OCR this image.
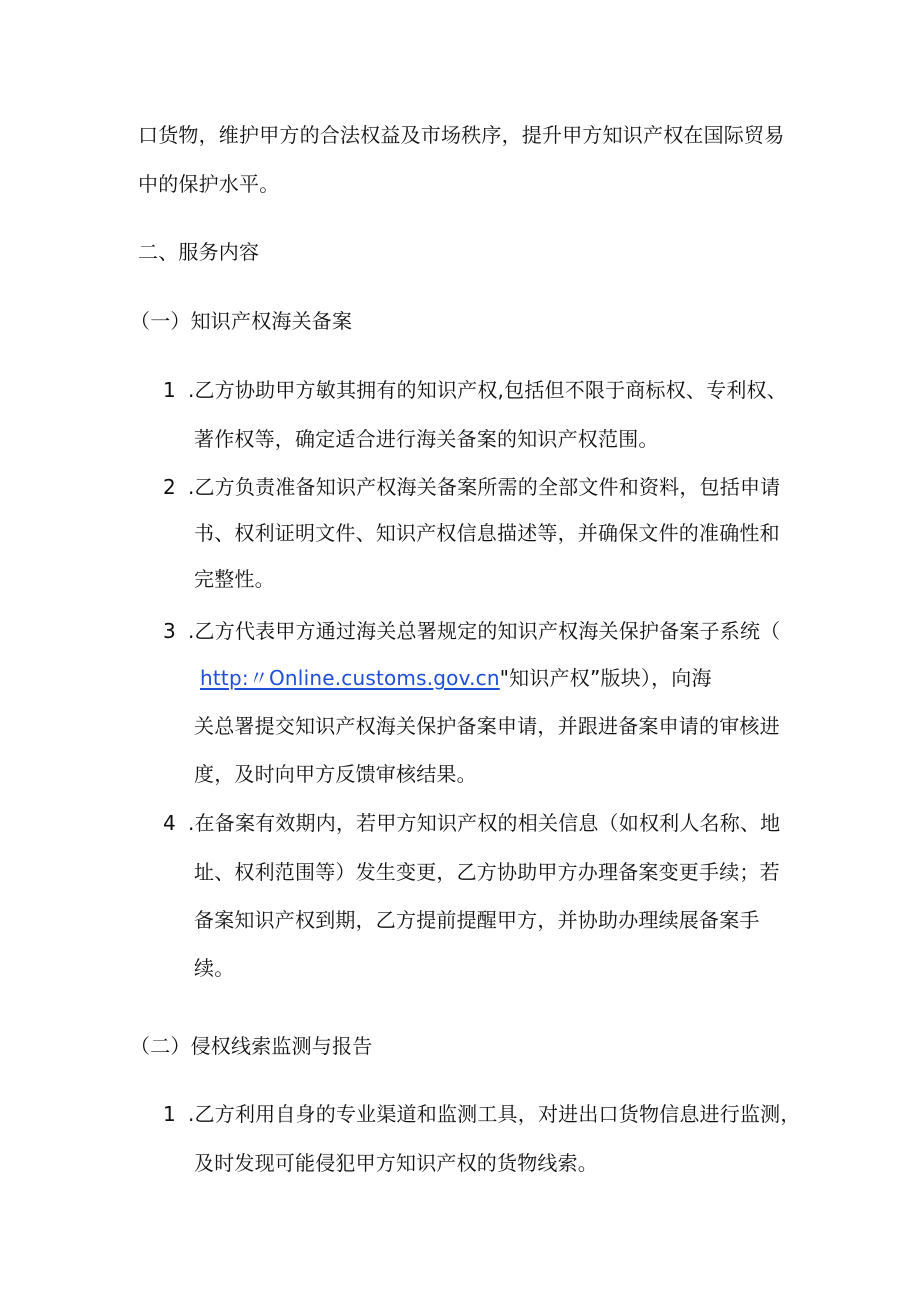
口货物，维护甲方的合法权益及市场秩序，提升甲方知识产权在国际贸易
中的保护水平。
二、服务内容
（一）知识产权海关备案
1 .乙方协助甲方敏其拥有的知识产权,包括但不限于商标权、专利权、
著作权等，确定适合进行海关备案的知识产权范围。
2 .乙方负责准备知识产权海关备案所需的全部文件和资料，包括申请
书、权利证明文件、知识产权信息描述等，并确保文件的准确性和
完整性。
3 .乙方代表甲方通过海关总署规定的知识产权海关保护备案子系统（
http:〃Online.customs.gov.cn"知识产权”版块），向海
关总署提交知识产权海关保护备案申请，并跟进备案申请的审核进
度，及时向甲方反馈审核结果。
4 .在备案有效期内，若甲方知识产权的相关信息（如权利人名称、地
址、权利范围等）发生变更，乙方协助甲方办理备案变更手续；若
备案知识产权到期，乙方提前提醒甲方，并协助办理续展备案手
续。
（二）侵权线索监测与报告
1 .乙方利用自身的专业渠道和监测工具，对进出口货物信息进行监测，
及时发现可能侵犯甲方知识产权的货物线索。
